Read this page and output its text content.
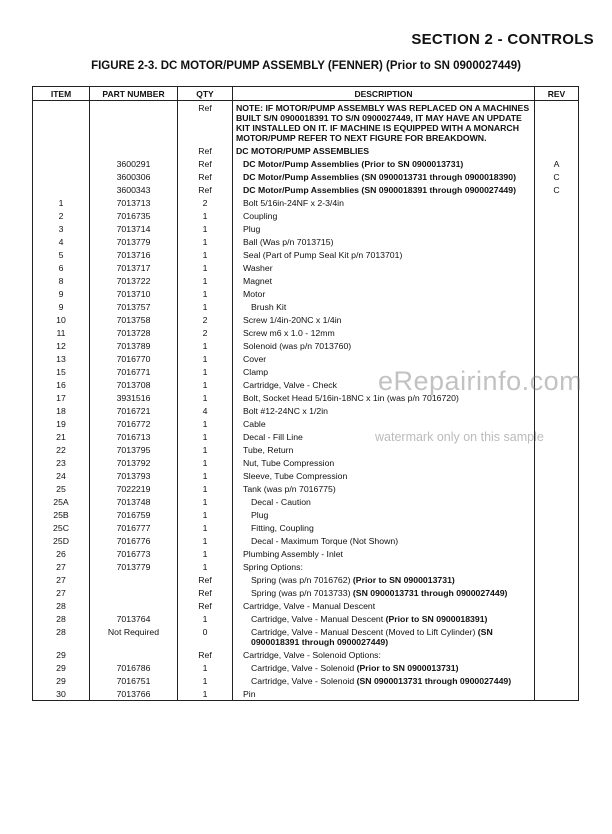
SECTION 2 - CONTROLS
FIGURE 2-3. DC MOTOR/PUMP ASSEMBLY (FENNER) (Prior to SN 0900027449)
ITEM	PART NUMBER	QTY	DESCRIPTION	REV
		Ref	NOTE: IF MOTOR/PUMP ASSEMBLY WAS REPLACED ON A MACHINES BUILT S/N 0900018391 TO S/N 0900027449, IT MAY HAVE AN UPDATE KIT INSTALLED ON IT. IF MACHINE IS EQUIPPED WITH A MONARCH MOTOR/PUMP REFER TO NEXT FIGURE FOR BREAKDOWN.	
		Ref	DC MOTOR/PUMP ASSEMBLIES	
	3600291	Ref	DC Motor/Pump Assemblies (Prior to SN 0900013731)	A
	3600306	Ref	DC Motor/Pump Assemblies (SN 0900013731 through 0900018390)	C
	3600343	Ref	DC Motor/Pump Assemblies (SN 0900018391 through 0900027449)	C
1	7013713	2	Bolt 5/16in-24NF x 2-3/4in	
2	7016735	1	Coupling	
3	7013714	1	Plug	
4	7013779	1	Ball (Was p/n 7013715)	
5	7013716	1	Seal (Part of Pump Seal Kit p/n 7013701)	
6	7013717	1	Washer	
8	7013722	1	Magnet	
9	7013710	1	Motor	
9	7013757	1	Brush Kit	
10	7013758	2	Screw 1/4in-20NC x 1/4in	
11	7013728	2	Screw m6 x 1.0 - 12mm	
12	7013789	1	Solenoid (was p/n 7013760)	
13	7016770	1	Cover	
15	7016771	1	Clamp	
16	7013708	1	Cartridge, Valve - Check	
17	3931516	1	Bolt, Socket Head 5/16in-18NC x 1in (was p/n 7016720)	
18	7016721	4	Bolt #12-24NC x 1/2in	
19	7016772	1	Cable	
21	7016713	1	Decal - Fill Line	
22	7013795	1	Tube, Return	
23	7013792	1	Nut, Tube Compression	
24	7013793	1	Sleeve, Tube Compression	
25	7022219	1	Tank (was p/n 7016775)	
25A	7013748	1	Decal - Caution	
25B	7016759	1	Plug	
25C	7016777	1	Fitting, Coupling	
25D	7016776	1	Decal - Maximum Torque (Not Shown)	
26	7016773	1	Plumbing Assembly - Inlet	
27	7013779	1	Spring Options:	
27		Ref	Spring (was p/n 7016762) (Prior to SN 0900013731)	
27		Ref	Spring (was p/n 7013733) (SN 0900013731 through 0900027449)	
28		Ref	Cartridge, Valve - Manual Descent	
28	7013764	1	Cartridge, Valve - Manual Descent (Prior to SN 0900018391)	
28	Not Required	0	Cartridge, Valve - Manual Descent (Moved to Lift Cylinder) (SN 0900018391 through 0900027449)	
29		Ref	Cartridge, Valve - Solenoid Options:	
29	7016786	1	Cartridge, Valve - Solenoid (Prior to SN 0900013731)	
29	7016751	1	Cartridge, Valve - Solenoid (SN 0900013731 through 0900027449)	
30	7013766	1	Pin	
eRepairinfo.com
watermark only on this sample
